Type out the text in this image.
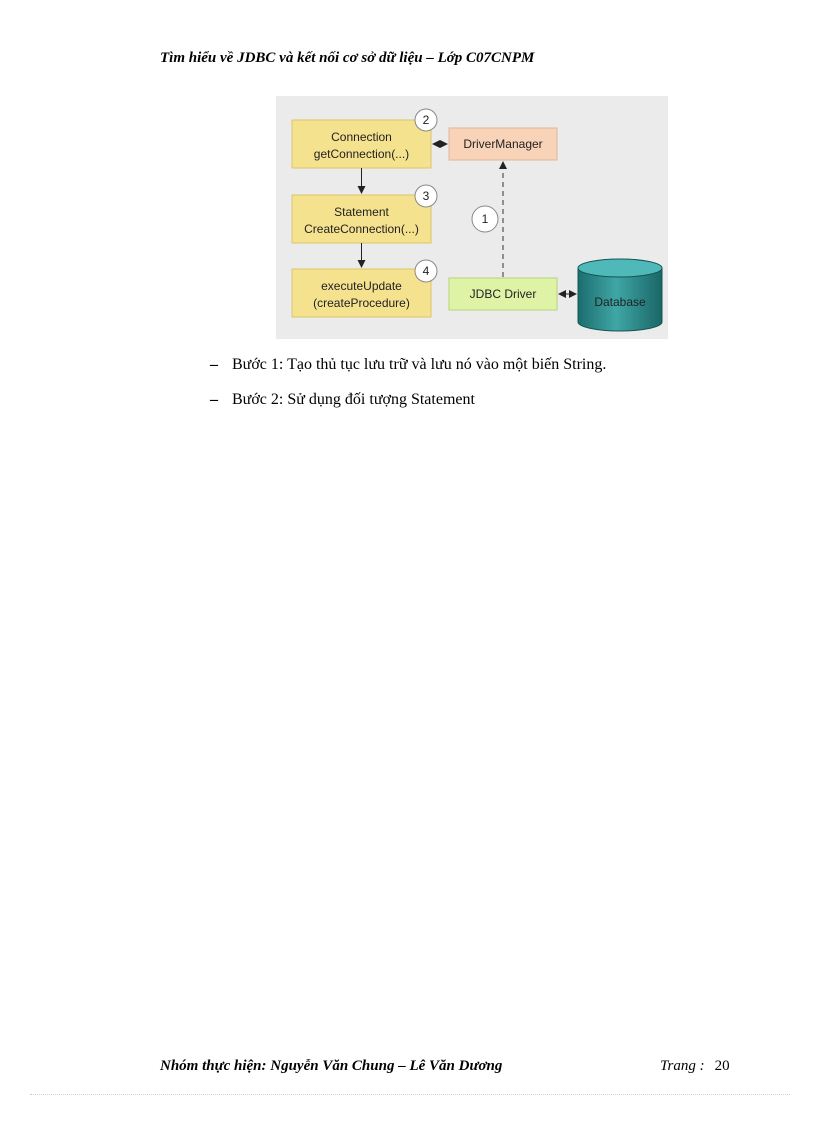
Tìm hiểu về JDBC và kết nối cơ sở dữ liệu – Lớp C07CNPM
Connection
getConnection(...)
Statement
CreateConnection(...)
executeUpdate
(createProcedure)
DriverManager
JDBC Driver
Database
2
3
4
1
– Bước 1: Tạo thủ tục lưu trữ và lưu nó vào một biến String.
– Bước 2: Sử dụng đối tượng Statement
Nhóm thực hiện: Nguyễn Văn Chung – Lê Văn Dương	Trang : 20
